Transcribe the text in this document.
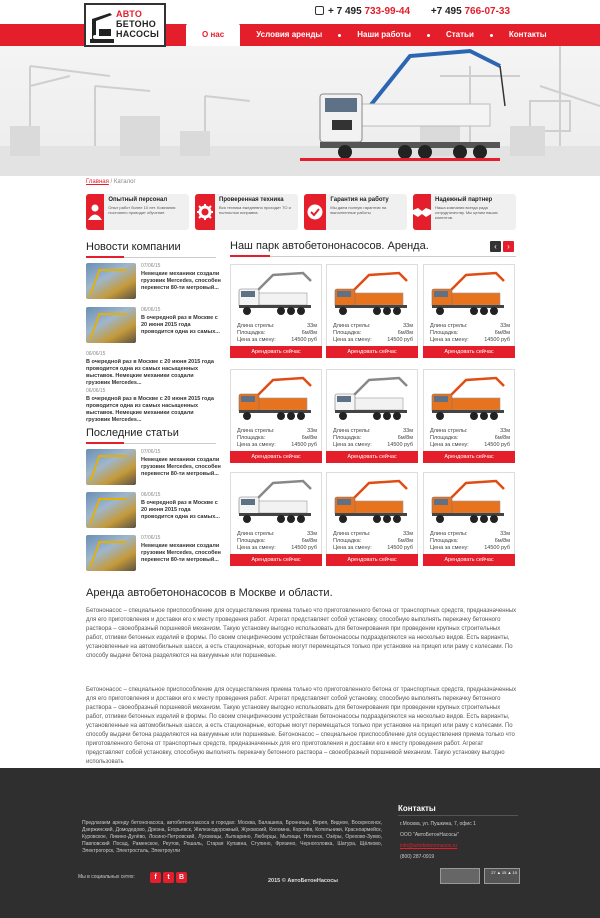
АВТО
БЕТОНО
НАСОСЫ
+ 7 495 733-99-44 +7 495 766-07-33
О нас	Условия аренды	Наши работы	Статьи	Контакты
Главная / Каталог
Опытный персонал

Опыт работ более 10 лет. Компания постоянно проводит обучение.

Проверенная техника

Вся техника ежедневно проходит ТО и полностью исправна.

Гарантия на работу

Мы даем полную гарантию на выполненные работы

Надежный партнер

Наша компания всегда рада сотрудничеству. Мы ценим наших клиентов.

Новости компании
07/06/15
Немецкие механики создали грузовик Mercedes, способен перевести 80-ти метровый...
06/06/15
В очередной раз в Москве с 20 июня 2015 года проводится одна из самых...
06/06/15
В очередной раз в Москве с 20 июня 2015 года проводится одна из самых насыщенных выставок. Немецкие механики создали грузовик Mercedes...
06/06/15
В очередной раз в Москве с 20 июня 2015 года проводится одна из самых насыщенных выставок. Немецкие механики создали грузовик Mercedes...
Последние статьи
07/06/15
Немецкие механики создали грузовик Mercedes, способен перевести 80-ти метровый...
06/06/15
В очередной раз в Москве с 20 июня 2015 года проводится одна из самых...
07/06/15
Немецкие механики создали грузовик Mercedes, способен перевести 80-ти метровый...
Наш парк автобетононасосов. Аренда.	‹	›
Длина стрелы:	33м
Площадка:	6м/8м
Цена за смену:	14500 руб
Арендовать сейчас
Длина стрелы:	33м
Площадка:	6м/8м
Цена за смену:	14500 руб
Арендовать сейчас
Длина стрелы:	33м
Площадка:	6м/8м
Цена за смену:	14500 руб
Арендовать сейчас
Длина стрелы:	33м
Площадка:	6м/8м
Цена за смену:	14500 руб
Арендовать сейчас
Длина стрелы:	33м
Площадка:	6м/8м
Цена за смену:	14500 руб
Арендовать сейчас
Длина стрелы:	33м
Площадка:	6м/8м
Цена за смену:	14500 руб
Арендовать сейчас
Длина стрелы:	33м
Площадка:	6м/8м
Цена за смену:	14500 руб
Арендовать сейчас
Длина стрелы:	33м
Площадка:	6м/8м
Цена за смену:	14500 руб
Арендовать сейчас
Длина стрелы:	33м
Площадка:	6м/8м
Цена за смену:	14500 руб
Арендовать сейчас
Аренда автобетононасосов в Москве и области.
Бетононасос – специальное приспособление для осуществления приема только что приготовленного бетона от транспортных средств, предназначенных для его приготовления и доставки его к месту проведения работ. Агрегат представляет собой установку, способную выполнять перекачку бетонного раствора – своеобразный поршневой механизм. Такую установку выгодно использовать для бетонирования при проведении крупных строительных работ, отливки бетонных изделий в формы. По своим специфическим устройствам бетононасосы подразделяются на несколько видов. Есть варианты, установленные на автомобильных шасси, а есть стационарные, которые могут перемещаться только при установке на прицеп или раму с колесами. По способу выдачи бетона разделяются на вакуумные или поршневые.
Бетононасос – специальное приспособление для осуществления приема только что приготовленного бетона от транспортных средств, предназначенных для его приготовления и доставки его к месту проведения работ. Агрегат представляет собой установку, способную выполнять перекачку бетонного раствора – своеобразный поршневой механизм. Такую установку выгодно использовать для бетонирования при проведении крупных строительных работ, отливки бетонных изделий в формы. По своим специфическим устройствам бетононасосы подразделяются на несколько видов. Есть варианты, установленные на автомобильных шасси, а есть стационарные, которые могут перемещаться только при установке на прицеп или раму с колесами. По способу выдачи бетона разделяются на вакуумные или поршневые. Бетононасос – специальное приспособление для осуществления приема только что приготовленного бетона от транспортных средств, предназначенных для его приготовления и доставки его к месту проведения работ. Агрегат представляет собой установку, способную выполнять перекачку бетонного раствора – своеобразный поршневой механизм. Такую установку выгодно использовать
Предлагаем аренду бетононасоса, автобетононасоса в городах: Москва, Балашиха, Бронницы, Верея, Видное, Воскресенск, Дзержинский, Домодедово, Дрезна, Егорьевск, Железнодорожный, Жуковский, Коломна, Королёв, Котельники, Красноармейск, Куровское, Ликино-Дулёво, Лосино-Петровский, Луховицы, Лыткарино, Люберцы, Мытищи, Ногинск, Озёры, Орехово-Зуево, Павловский Посад, Раменское, Реутов, Рошаль, Старая Купавна, Ступино, Фрязино, Черноголовка, Шатура, Щёлково, Электрогорск, Электросталь, Электроугли
Мы в социальных сетях:	f	t	B	2015 © АвтоБетонНасосы
Контакты
г.Москва, ул. Пушкина, 7, офис 1
ООО "АвтоБетонНасосы"
info@avtobetononasos.ru
(800) 287-0919
27 ▲ 15 ▲ 10
